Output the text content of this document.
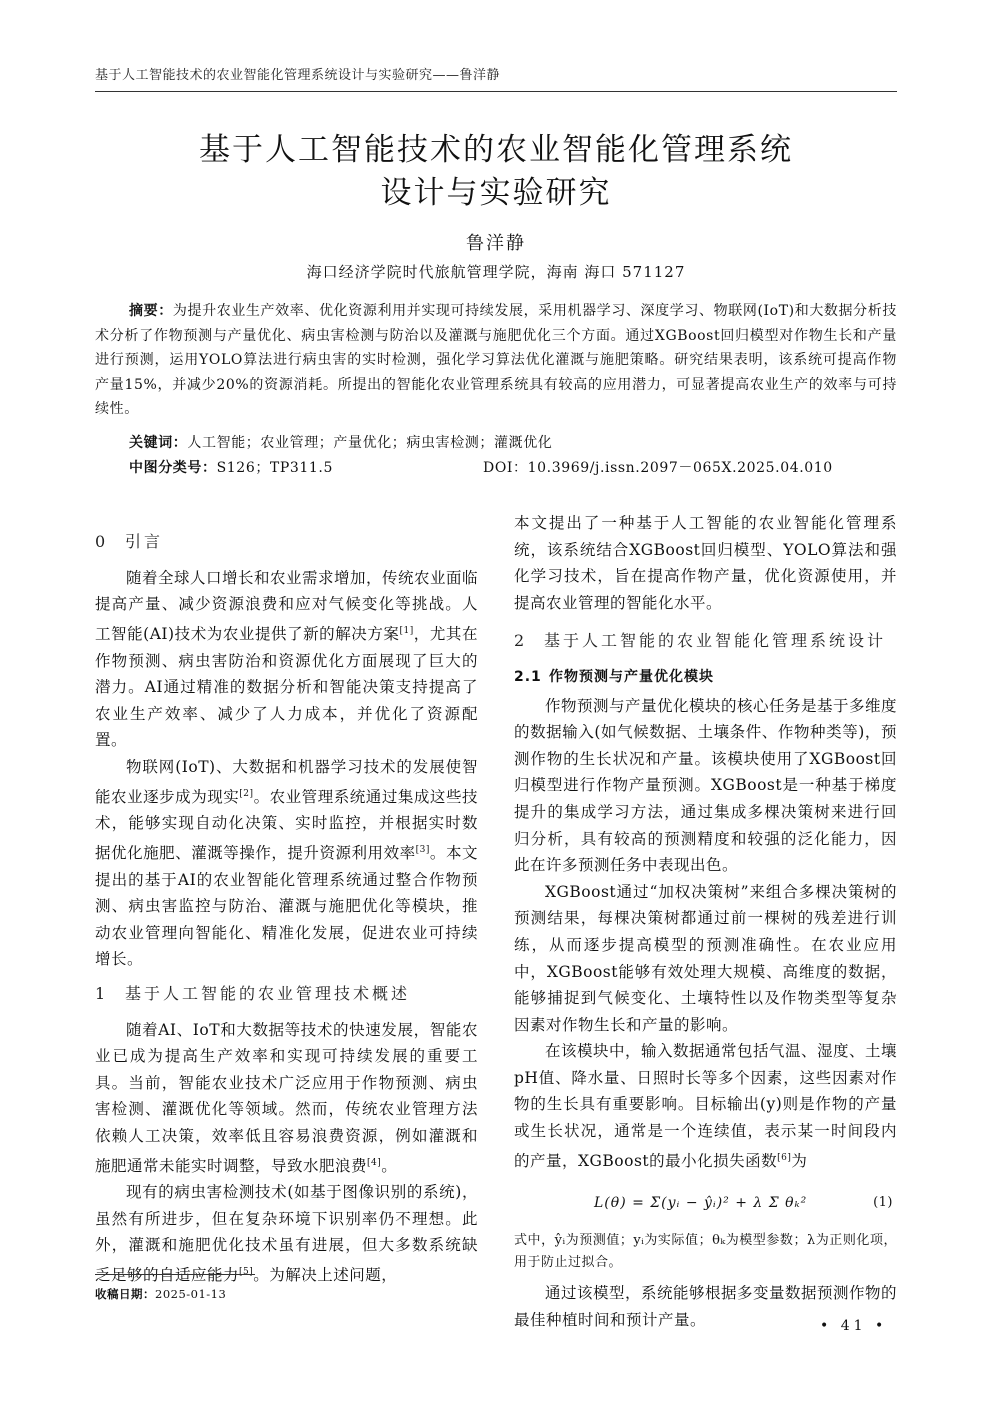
基于人工智能技术的农业智能化管理系统设计与实验研究——鲁洋静
基于人工智能技术的农业智能化管理系统
设计与实验研究
鲁洋静
海口经济学院时代旅航管理学院，海南 海口 571127
摘要：为提升农业生产效率、优化资源利用并实现可持续发展，采用机器学习、深度学习、物联网(IoT)和大数据分析技术分析了作物预测与产量优化、病虫害检测与防治以及灌溉与施肥优化三个方面。通过XGBoost回归模型对作物生长和产量进行预测，运用YOLO算法进行病虫害的实时检测，强化学习算法优化灌溉与施肥策略。研究结果表明，该系统可提高作物产量15%，并减少20%的资源消耗。所提出的智能化农业管理系统具有较高的应用潜力，可显著提高农业生产的效率与可持续性。
关键词：人工智能；农业管理；产量优化；病虫害检测；灌溉优化
中图分类号：S126；TP311.5	DOI：10.3969/j.issn.2097－065X.2025.04.010
0 引言

随着全球人口增长和农业需求增加，传统农业面临提高产量、减少资源浪费和应对气候变化等挑战。人工智能(AI)技术为农业提供了新的解决方案[1]，尤其在作物预测、病虫害防治和资源优化方面展现了巨大的潜力。AI通过精准的数据分析和智能决策支持提高了农业生产效率、减少了人力成本，并优化了资源配置。

物联网(IoT)、大数据和机器学习技术的发展使智能农业逐步成为现实[2]。农业管理系统通过集成这些技术，能够实现自动化决策、实时监控，并根据实时数据优化施肥、灌溉等操作，提升资源利用效率[3]。本文提出的基于AI的农业智能化管理系统通过整合作物预测、病虫害监控与防治、灌溉与施肥优化等模块，推动农业管理向智能化、精准化发展，促进农业可持续增长。

1 基于人工智能的农业管理技术概述

随着AI、IoT和大数据等技术的快速发展，智能农业已成为提高生产效率和实现可持续发展的重要工具。当前，智能农业技术广泛应用于作物预测、病虫害检测、灌溉优化等领域。然而，传统农业管理方法依赖人工决策，效率低且容易浪费资源，例如灌溉和施肥通常未能实时调整，导致水肥浪费[4]。

现有的病虫害检测技术(如基于图像识别的系统)，虽然有所进步，但在复杂环境下识别率仍不理想。此外，灌溉和施肥优化技术虽有进展，但大多数系统缺乏足够的自适应能力[5]。为解决上述问题，

本文提出了一种基于人工智能的农业智能化管理系统，该系统结合XGBoost回归模型、YOLO算法和强化学习技术，旨在提高作物产量，优化资源使用，并提高农业管理的智能化水平。

2 基于人工智能的农业智能化管理系统设计
2.1 作物预测与产量优化模块

作物预测与产量优化模块的核心任务是基于多维度的数据输入(如气候数据、土壤条件、作物种类等)，预测作物的生长状况和产量。该模块使用了XGBoost回归模型进行作物产量预测。XGBoost是一种基于梯度提升的集成学习方法，通过集成多棵决策树来进行回归分析，具有较高的预测精度和较强的泛化能力，因此在许多预测任务中表现出色。

XGBoost通过“加权决策树”来组合多棵决策树的预测结果，每棵决策树都通过前一棵树的残差进行训练，从而逐步提高模型的预测准确性。在农业应用中，XGBoost能够有效处理大规模、高维度的数据，能够捕捉到气候变化、土壤特性以及作物类型等复杂因素对作物生长和产量的影响。

在该模块中，输入数据通常包括气温、湿度、土壤pH值、降水量、日照时长等多个因素，这些因素对作物的生长具有重要影响。目标输出(y)则是作物的产量或生长状况，通常是一个连续值，表示某一时间段内的产量，XGBoost的最小化损失函数[6]为

L(θ) = Σ(yᵢ − ŷᵢ)² + λ Σ θₖ²	(1)

式中，ŷᵢ为预测值；yᵢ为实际值；θₖ为模型参数；λ为正则化项，用于防止过拟合。

通过该模型，系统能够根据多变量数据预测作物的最佳种植时间和预计产量。

收稿日期：2025-01-13
• 41 •
